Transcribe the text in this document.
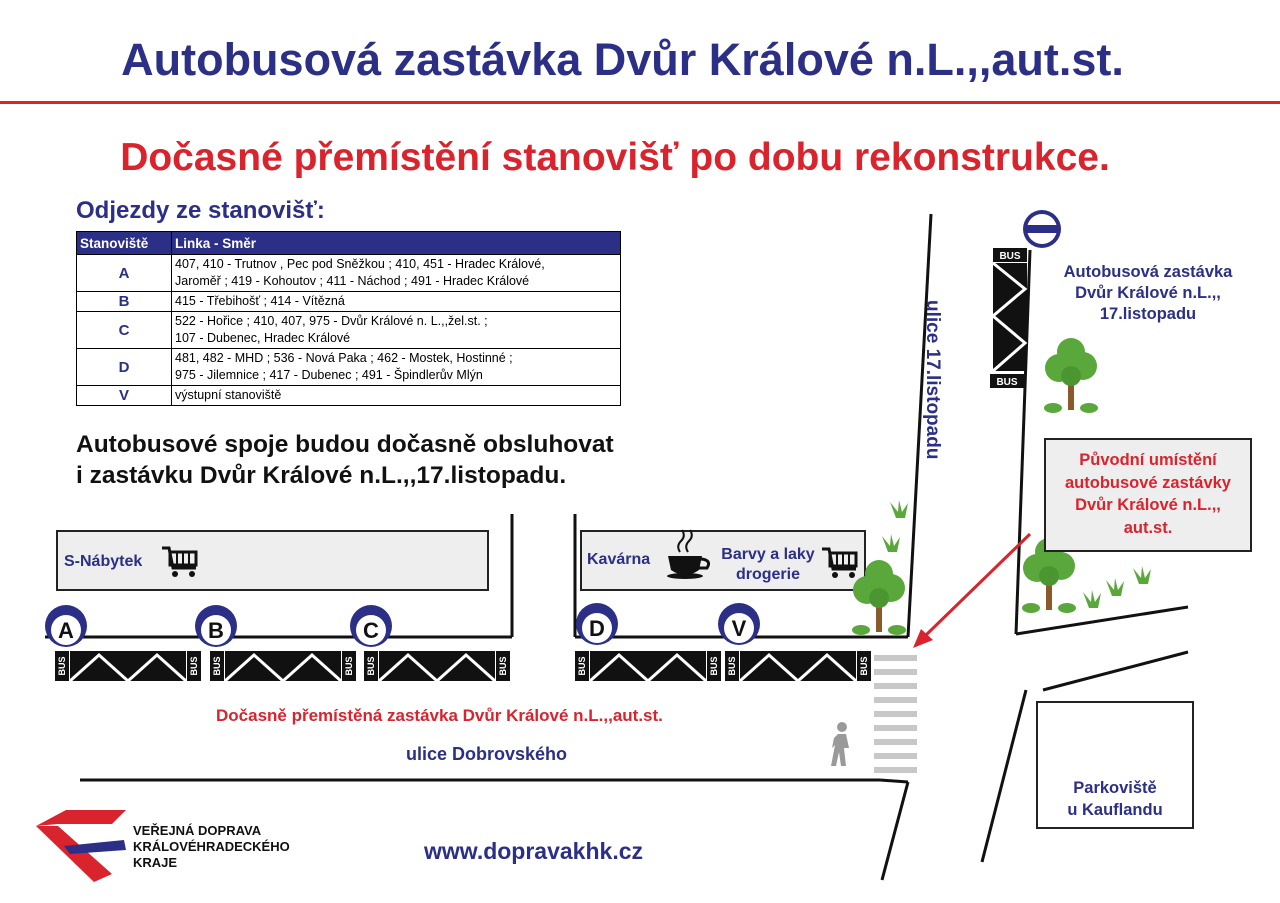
Autobusová zastávka Dvůr Králové n.L.,,aut.st.
Dočasné přemístění stanovišť po dobu rekonstrukce.
Odjezdy ze stanovišť:
Stanoviště	Linka - Směr
A	407, 410 - Trutnov , Pec pod Sněžkou ; 410, 451 - Hradec Králové,
Jaroměř ; 419 - Kohoutov ; 411 - Náchod ; 491 - Hradec Králové
B	415 - Třebihošť ; 414 - Vítězná
C	522 - Hořice ; 410, 407, 975 - Dvůr Králové n. L.,,žel.st. ;
107 - Dubenec, Hradec Králové
D	481, 482 - MHD ; 536 - Nová Paka ; 462 - Mostek, Hostinné ;
975 - Jilemnice ; 417 - Dubenec ; 491 - Špindlerův Mlýn
V	výstupní stanoviště
Autobusové spoje budou dočasně obsluhovat
i zastávku Dvůr Králové n.L.,,17.listopadu.
BUS	BUS
A	B	C	D	V
BUS
BUS
S-Nábytek	Kavárna	Barvy a laky
drogerie
ulice 17.listopadu
Autobusová zastávka
Dvůr Králové n.L.,,
17.listopadu
Původní umístění
autobusové zastávky
Dvůr Králové n.L.,,
aut.st.
Dočasně přemístěná zastávka Dvůr Králové n.L.,,aut.st.
ulice Dobrovského
Parkoviště
u Kauflandu
VEŘEJNÁ DOPRAVA
KRÁLOVÉHRADECKÉHO
KRAJE	www.dopravakhk.cz
